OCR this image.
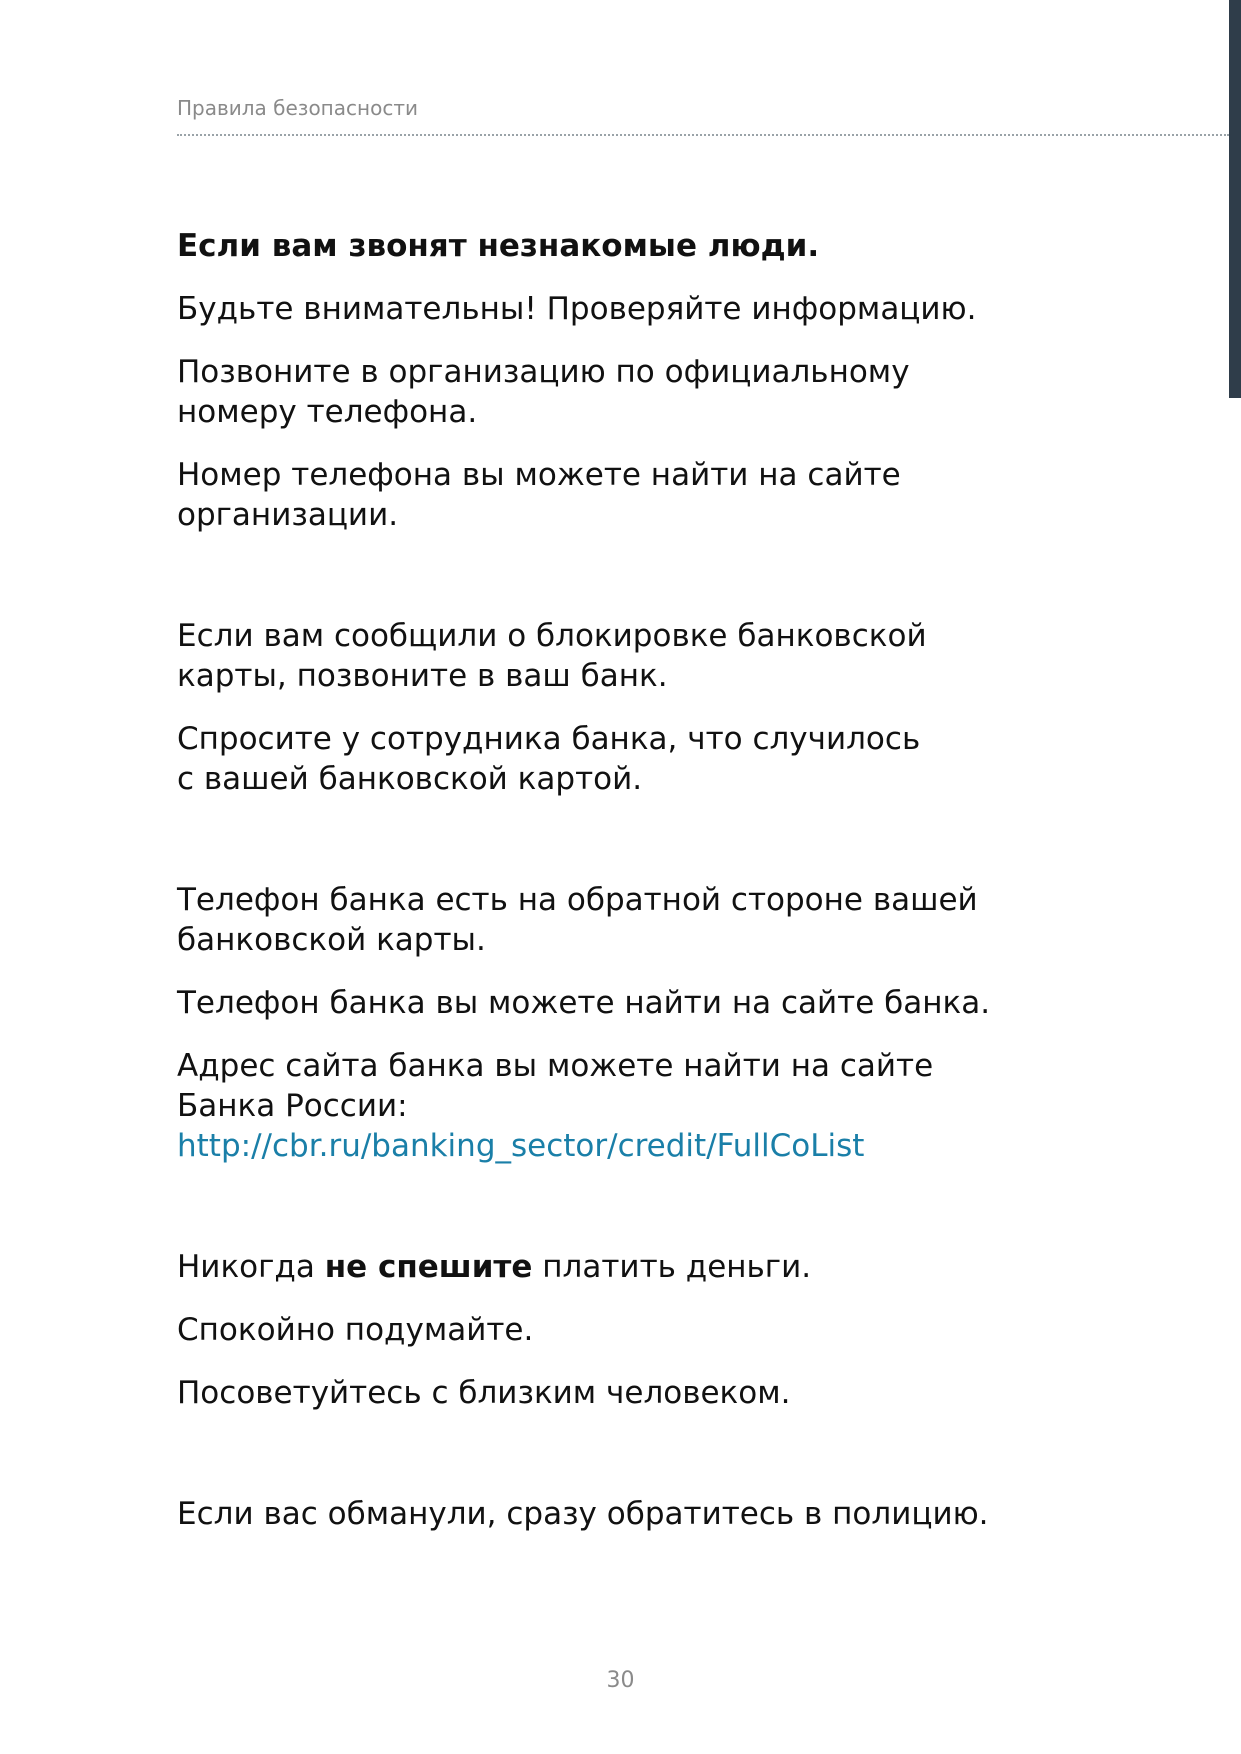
Правила безопасности

Если вам звонят незнакомые люди.

Будьте внимательны! Проверяйте информацию.

Позвоните в организацию по официальному
номеру телефона.

Номер телефона вы можете найти на сайте
организации.

Если вам сообщили о блокировке банковской
карты, позвоните в ваш банк.

Спросите у сотрудника банка, что случилось
с вашей банковской картой.

Телефон банка есть на обратной стороне вашей
банковской карты.

Телефон банка вы можете найти на сайте банка.

Адрес сайта банка вы можете найти на сайте
Банка России:
http://cbr.ru/banking_sector/credit/FullCoList

Никогда не спешите платить деньги.

Спокойно подумайте.

Посоветуйтесь с близким человеком.

Если вас обманули, сразу обратитесь в полицию.

30
